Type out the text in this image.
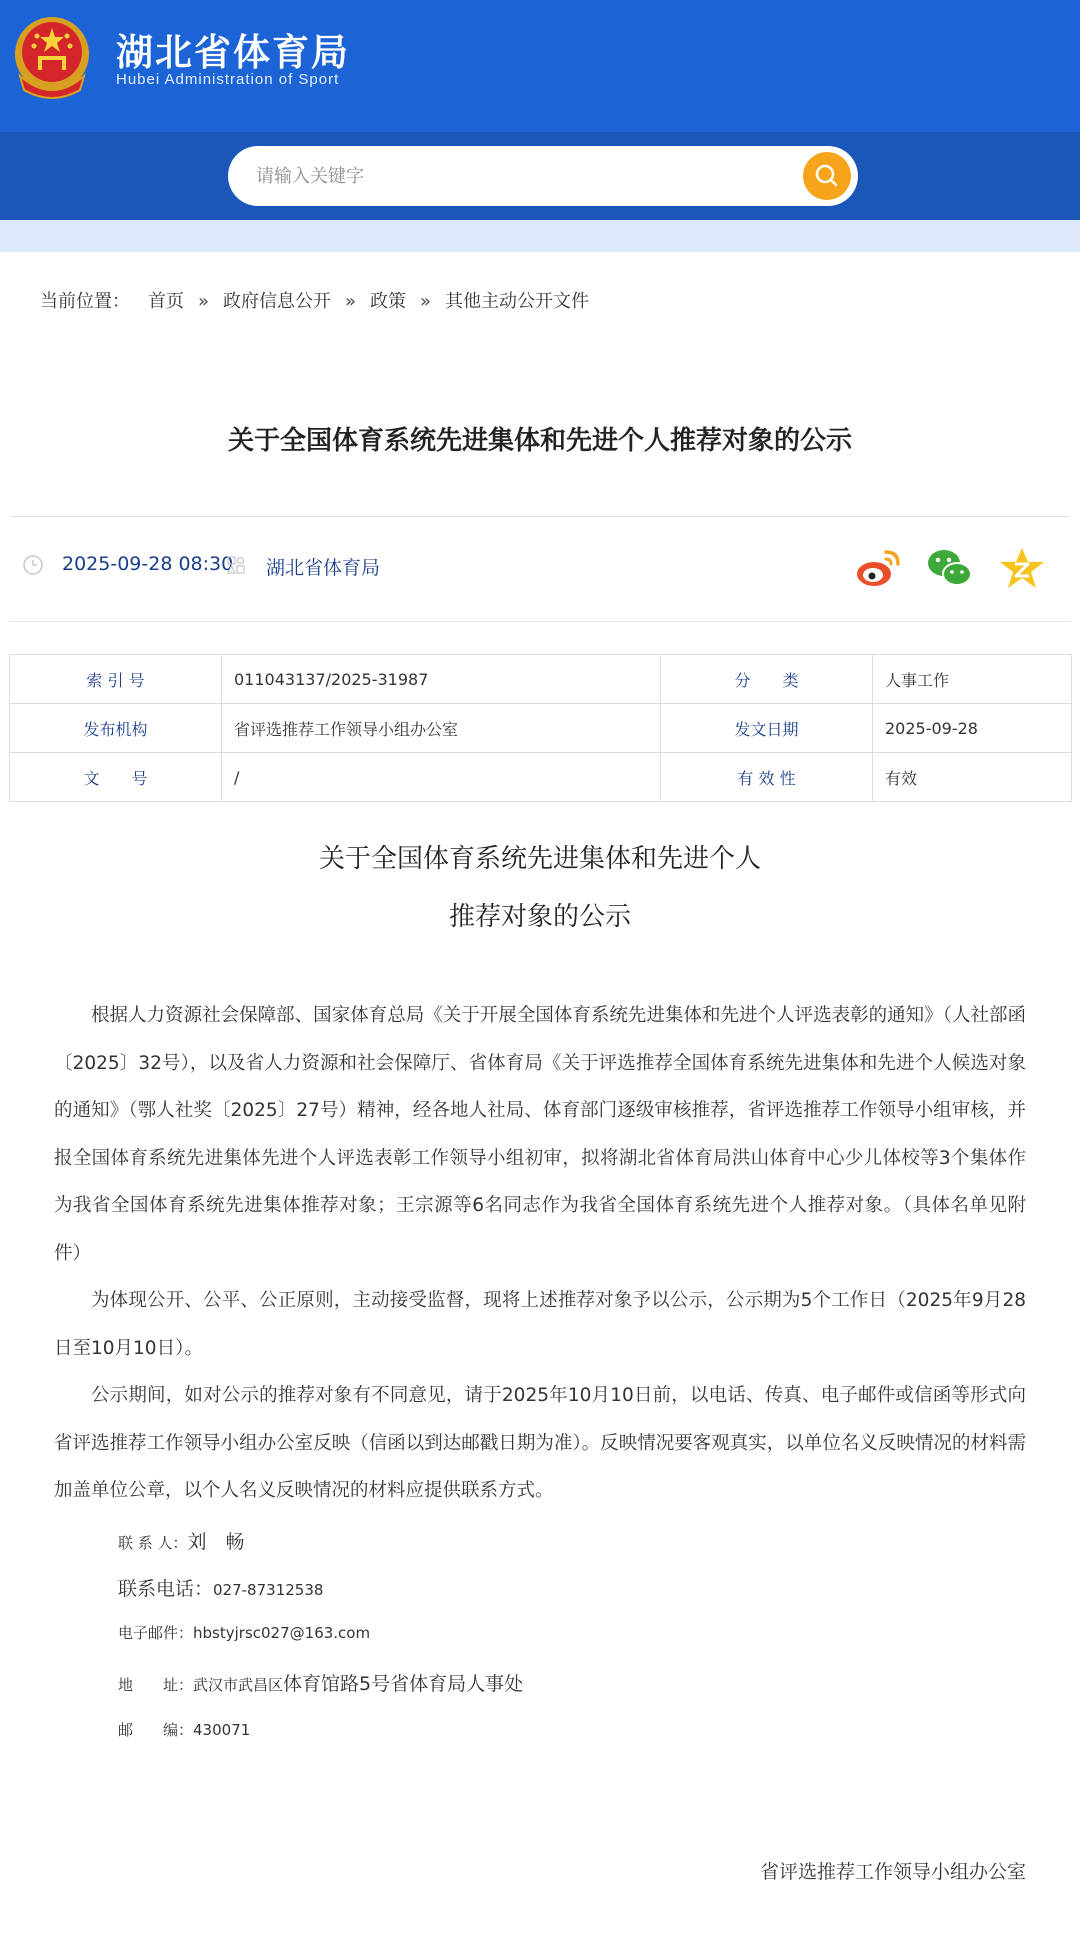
湖北省体育局
Hubei Administration of Sport
请输入关键字
当前位置： 首页 » 政府信息公开 » 政策 » 其他主动公开文件
关于全国体育系统先进集体和先进个人推荐对象的公示
2025-09-28 08:30 湖北省体育局
索 引 号	011043137/2025-31987	分　　类	人事工作
发布机构	省评选推荐工作领导小组办公室	发文日期	2025-09-28
文　　号	/	有 效 性	有效
关于全国体育系统先进集体和先进个人
推荐对象的公示

根据人力资源社会保障部、国家体育总局《关于开展全国体育系统先进集体和先进个人评选表彰的通知》（人社部函〔2025〕32号），以及省人力资源和社会保障厅、省体育局《关于评选推荐全国体育系统先进集体和先进个人候选对象的通知》（鄂人社奖〔2025〕27号）精神，经各地人社局、体育部门逐级审核推荐，省评选推荐工作领导小组审核，并报全国体育系统先进集体先进个人评选表彰工作领导小组初审，拟将湖北省体育局洪山体育中心少儿体校等3个集体作为我省全国体育系统先进集体推荐对象；王宗源等6名同志作为我省全国体育系统先进个人推荐对象。（具体名单见附件）

为体现公开、公平、公正原则，主动接受监督，现将上述推荐对象予以公示，公示期为5个工作日（2025年9月28日至10月10日）。

公示期间，如对公示的推荐对象有不同意见，请于2025年10月10日前，以电话、传真、电子邮件或信函等形式向省评选推荐工作领导小组办公室反映（信函以到达邮戳日期为准）。反映情况要客观真实，以单位名义反映情况的材料需加盖单位公章，以个人名义反映情况的材料应提供联系方式。

联 系 人：刘　畅
联系电话：027-87312538
电子邮件：hbstyjrsc027@163.com
地　　址：武汉市武昌区体育馆路5号省体育局人事处
邮　　编：430071
省评选推荐工作领导小组办公室
